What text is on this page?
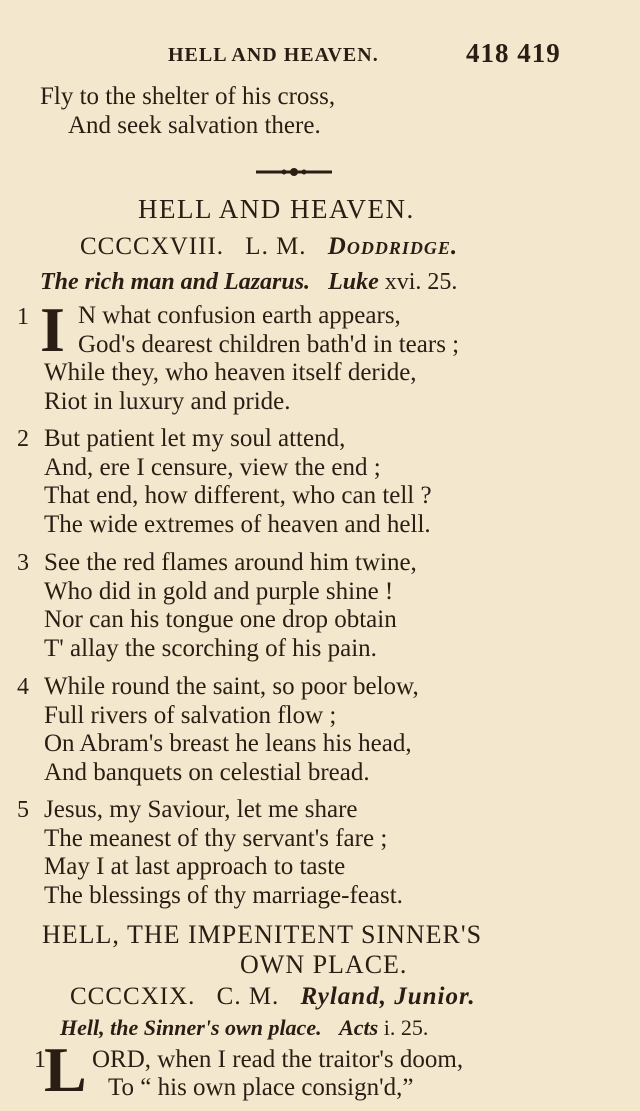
HELL AND HEAVEN.	418 419
Fly to the shelter of his cross,
And seek salvation there.
HELL AND HEAVEN.
CCCCXVIII. L. M. Doddridge.
The rich man and Lazarus. Luke xvi. 25.
1 I N what confusion earth appears,
God's dearest children bath'd in tears ;
While they, who heaven itself deride,
Riot in luxury and pride.
2 But patient let my soul attend,
And, ere I censure, view the end ;
That end, how different, who can tell ?
The wide extremes of heaven and hell.
3 See the red flames around him twine,
Who did in gold and purple shine !
Nor can his tongue one drop obtain
T' allay the scorching of his pain.
4 While round the saint, so poor below,
Full rivers of salvation flow ;
On Abram's breast he leans his head,
And banquets on celestial bread.
5 Jesus, my Saviour, let me share
The meanest of thy servant's fare ;
May I at last approach to taste
The blessings of thy marriage-feast.
HELL, THE IMPENITENT SINNER'S
OWN PLACE.
CCCCXIX. C. M. Ryland, Junior.
Hell, the Sinner's own place. Acts i. 25.
1
L ORD, when I read the traitor's doom,
To “ his own place consign'd,”
